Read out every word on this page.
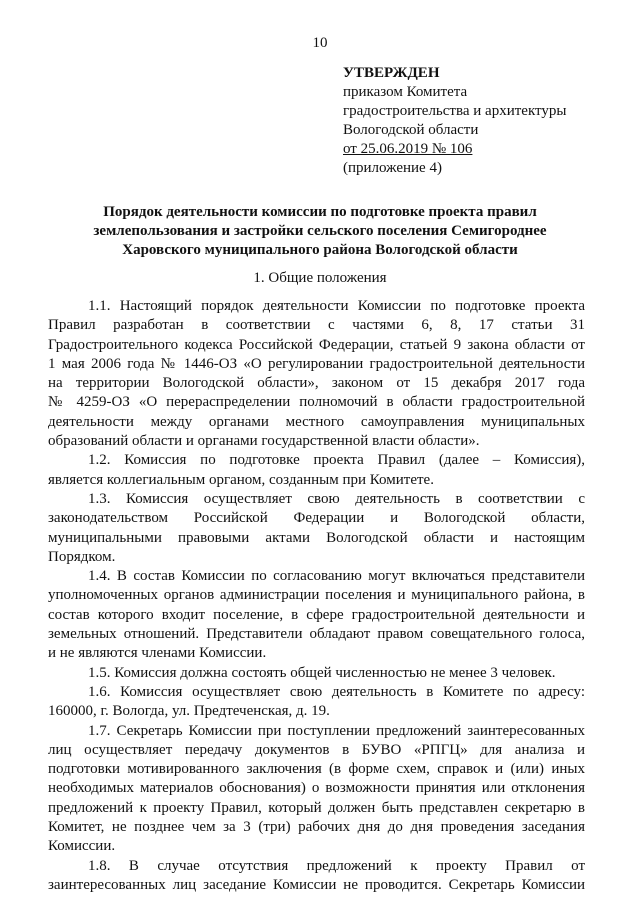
10
УТВЕРЖДЕН
приказом Комитета
градостроительства и архитектуры
Вологодской области
от 25.06.2019 № 106
(приложение 4)
Порядок деятельности комиссии по подготовке проекта правил
землепользования и застройки сельского поселения Семигороднее
Харовского муниципального района Вологодской области
1. Общие положения
1.1. Настоящий порядок деятельности Комиссии по подготовке проекта
Правил разработан в соответствии с частями 6, 8, 17 статьи 31
Градостроительного кодекса Российской Федерации, статьей 9 закона области от
1 мая 2006 года № 1446-ОЗ «О регулировании градостроительной деятельности
на территории Вологодской области», законом от 15 декабря 2017 года
№ 4259-ОЗ «О перераспределении полномочий в области градостроительной
деятельности между органами местного самоуправления муниципальных
образований области и органами государственной власти области».
1.2. Комиссия по подготовке проекта Правил (далее – Комиссия),
является коллегиальным органом, созданным при Комитете.
1.3. Комиссия осуществляет свою деятельность в соответствии с
законодательством Российской Федерации и Вологодской области,
муниципальными правовыми актами Вологодской области и настоящим
Порядком.
1.4. В состав Комиссии по согласованию могут включаться представители
уполномоченных органов администрации поселения и муниципального района, в
состав которого входит поселение, в сфере градостроительной деятельности и
земельных отношений. Представители обладают правом совещательного голоса,
и не являются членами Комиссии.
1.5. Комиссия должна состоять общей численностью не менее 3 человек.
1.6. Комиссия осуществляет свою деятельность в Комитете по адресу:
160000, г. Вологда, ул. Предтеченская, д. 19.
1.7. Секретарь Комиссии при поступлении предложений заинтересованных
лиц осуществляет передачу документов в БУВО «РПГЦ» для анализа и
подготовки мотивированного заключения (в форме схем, справок и (или) иных
необходимых материалов обоснования) о возможности принятия или отклонения
предложений к проекту Правил, который должен быть представлен секретарю в
Комитет, не позднее чем за 3 (три) рабочих дня до дня проведения заседания
Комиссии.
1.8. В случае отсутствия предложений к проекту Правил от
заинтересованных лиц заседание Комиссии не проводится. Секретарь Комиссии
